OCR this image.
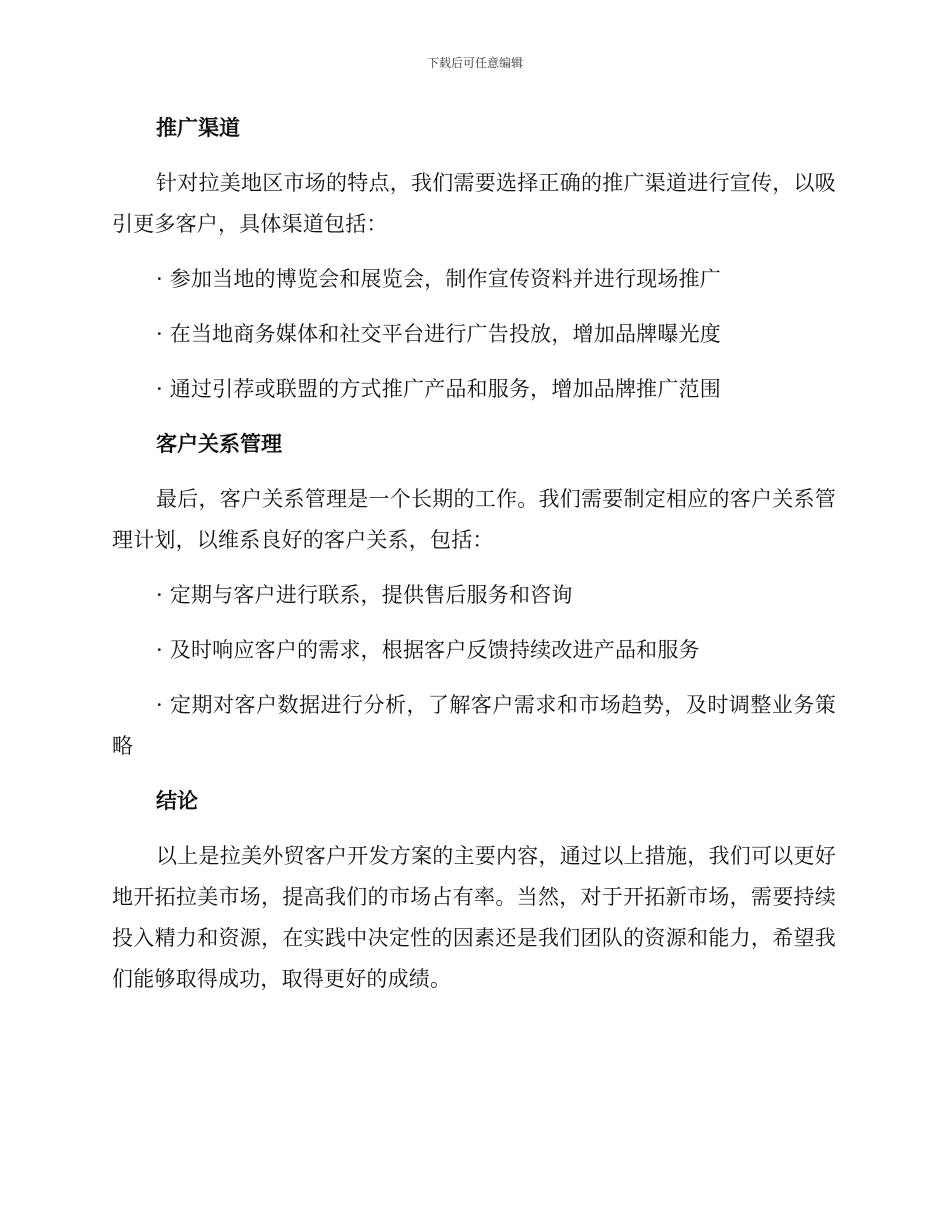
下载后可任意编辑
推广渠道

针对拉美地区市场的特点，我们需要选择正确的推广渠道进行宣传，以吸引更多客户，具体渠道包括：

· 参加当地的博览会和展览会，制作宣传资料并进行现场推广

· 在当地商务媒体和社交平台进行广告投放，增加品牌曝光度

· 通过引荐或联盟的方式推广产品和服务，增加品牌推广范围

客户关系管理

最后，客户关系管理是一个长期的工作。我们需要制定相应的客户关系管理计划，以维系良好的客户关系，包括：

· 定期与客户进行联系，提供售后服务和咨询

· 及时响应客户的需求，根据客户反馈持续改进产品和服务

· 定期对客户数据进行分析，了解客户需求和市场趋势，及时调整业务策略

结论

以上是拉美外贸客户开发方案的主要内容，通过以上措施，我们可以更好地开拓拉美市场，提高我们的市场占有率。当然，对于开拓新市场，需要持续投入精力和资源，在实践中决定性的因素还是我们团队的资源和能力，希望我们能够取得成功，取得更好的成绩。
